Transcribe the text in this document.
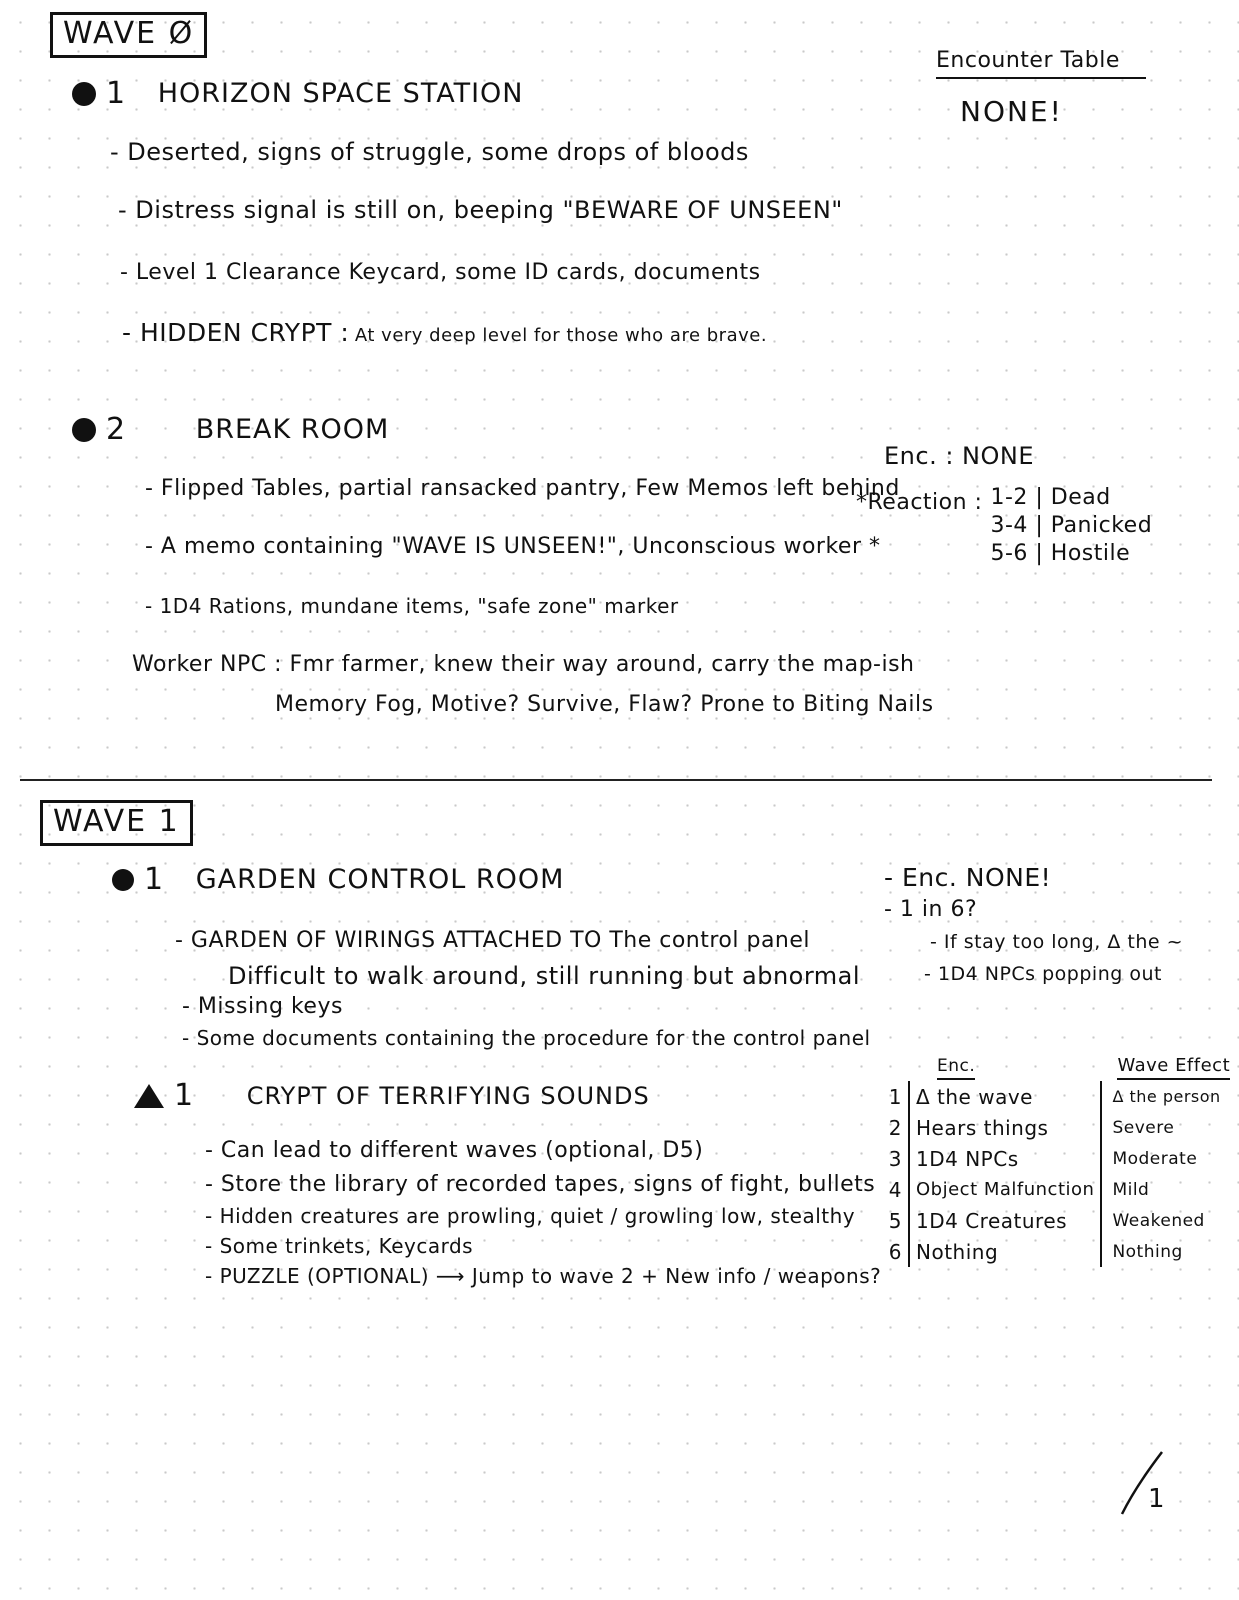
WAVE Ø
Encounter Table
NONE!
1 HORIZON SPACE STATION
- Deserted, signs of struggle, some drops of bloods
- Distress signal is still on, beeping "BEWARE OF UNSEEN"
- Level 1 Clearance Keycard, some ID cards, documents
- HIDDEN CRYPT : At very deep level for those who are brave.
2	BREAK ROOM
- Flipped Tables, partial ransacked pantry, Few Memos left behind
- A memo containing "WAVE IS UNSEEN!", Unconscious worker *
- 1D4 Rations, mundane items, "safe zone" marker
Enc. : NONE
*Reaction : 1-2 | Dead
3-4 | Panicked
5-6 | Hostile
Worker NPC : Fmr farmer, knew their way around, carry the map-ish
Memory Fog, Motive? Survive, Flaw? Prone to Biting Nails
WAVE 1
1 GARDEN CONTROL ROOM
- GARDEN OF WIRINGS ATTACHED TO The control panel
Difficult to walk around, still running but abnormal
- Missing keys
- Some documents containing the procedure for the control panel
- Enc. NONE!
- 1 in 6?
- If stay too long, Δ the ~
- 1D4 NPCs popping out
1 CRYPT OF TERRIFYING SOUNDS
- Can lead to different waves (optional, D5)
- Store the library of recorded tapes, signs of fight, bullets
- Hidden creatures are prowling, quiet / growling low, stealthy
- Some trinkets, Keycards
- PUZZLE (OPTIONAL) ⟶ Jump to wave 2 + New info / weapons?
	Enc.	Wave Effect
1	Δ the wave	Δ the person
2	Hears things	Severe
3	1D4 NPCs	Moderate
4	Object Malfunction	Mild
5	1D4 Creatures	Weakened
6	Nothing	Nothing
1
